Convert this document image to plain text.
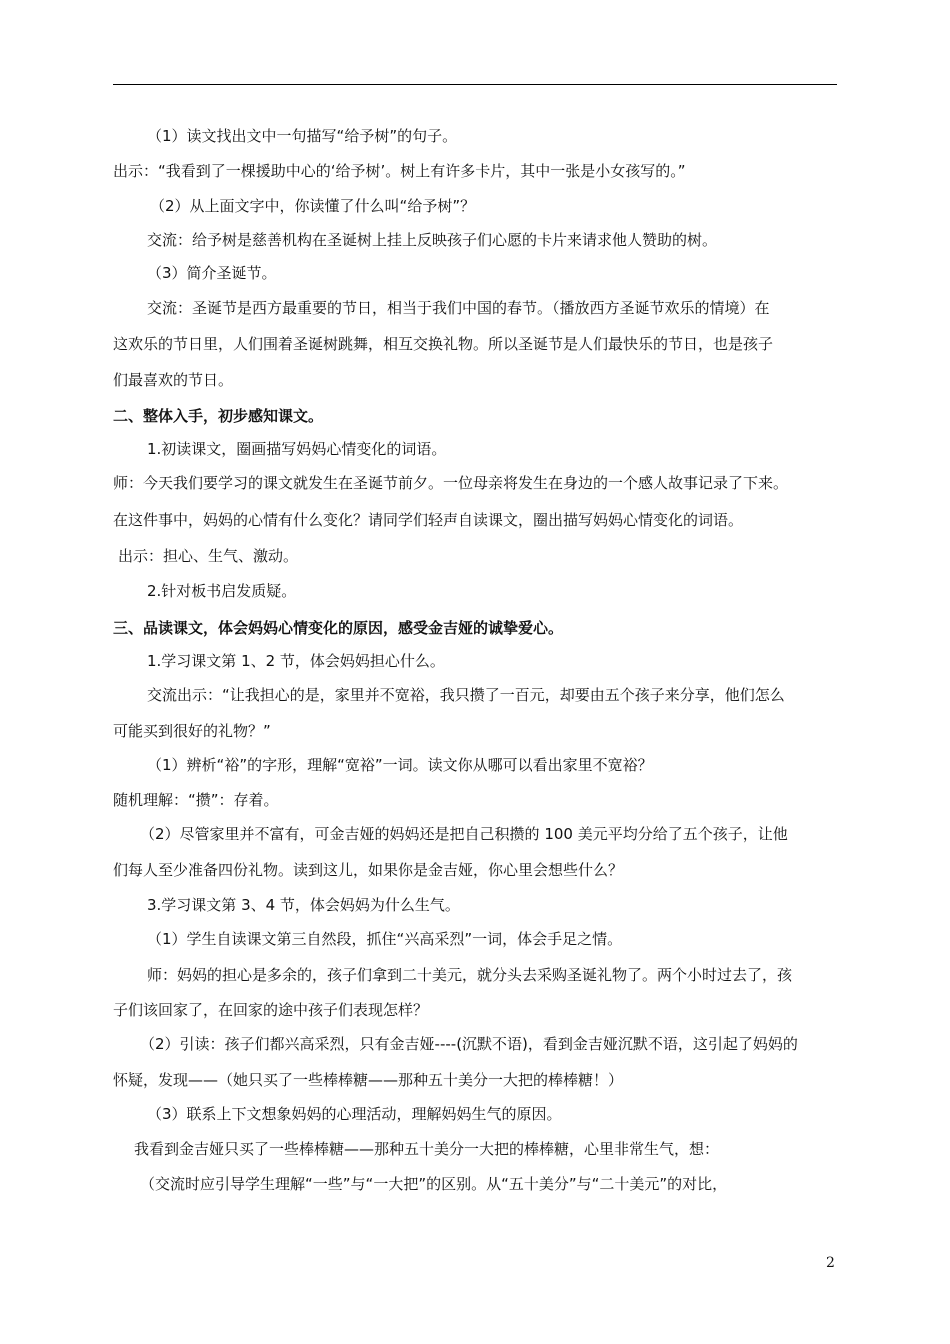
（1）读文找出文中一句描写“给予树”的句子。
出示：“我看到了一棵援助中心的‘给予树’。树上有许多卡片，其中一张是小女孩写的。”
（2）从上面文字中，你读懂了什么叫“给予树”？
交流：给予树是慈善机构在圣诞树上挂上反映孩子们心愿的卡片来请求他人赞助的树。
（3）简介圣诞节。
交流：圣诞节是西方最重要的节日，相当于我们中国的春节。（播放西方圣诞节欢乐的情境）在
这欢乐的节日里，人们围着圣诞树跳舞，相互交换礼物。所以圣诞节是人们最快乐的节日，也是孩子
们最喜欢的节日。
二、整体入手，初步感知课文。
1.初读课文，圈画描写妈妈心情变化的词语。
师：今天我们要学习的课文就发生在圣诞节前夕。一位母亲将发生在身边的一个感人故事记录了下来。
在这件事中，妈妈的心情有什么变化？请同学们轻声自读课文，圈出描写妈妈心情变化的词语。
出示：担心、生气、激动。
2.针对板书启发质疑。
三、品读课文，体会妈妈心情变化的原因，感受金吉娅的诚挚爱心。
1.学习课文第 1、2 节，体会妈妈担心什么。
交流出示：“让我担心的是，家里并不宽裕，我只攒了一百元，却要由五个孩子来分享，他们怎么
可能买到很好的礼物？”
（1）辨析“裕”的字形，理解“宽裕”一词。读文你从哪可以看出家里不宽裕？
随机理解：“攒”：存着。
（2）尽管家里并不富有，可金吉娅的妈妈还是把自己积攒的 100 美元平均分给了五个孩子，让他
们每人至少准备四份礼物。读到这儿，如果你是金吉娅，你心里会想些什么？
3.学习课文第 3、4 节，体会妈妈为什么生气。
（1）学生自读课文第三自然段，抓住“兴高采烈”一词，体会手足之情。
师：妈妈的担心是多余的，孩子们拿到二十美元，就分头去采购圣诞礼物了。两个小时过去了，孩
子们该回家了，在回家的途中孩子们表现怎样？
（2）引读：孩子们都兴高采烈，只有金吉娅----(沉默不语)，看到金吉娅沉默不语，这引起了妈妈的
怀疑，发现——（她只买了一些棒棒糖——那种五十美分一大把的棒棒糖！）
（3）联系上下文想象妈妈的心理活动，理解妈妈生气的原因。
我看到金吉娅只买了一些棒棒糖——那种五十美分一大把的棒棒糖，心里非常生气，想：
（交流时应引导学生理解“一些”与“一大把”的区别。从“五十美分”与“二十美元”的对比，
2
